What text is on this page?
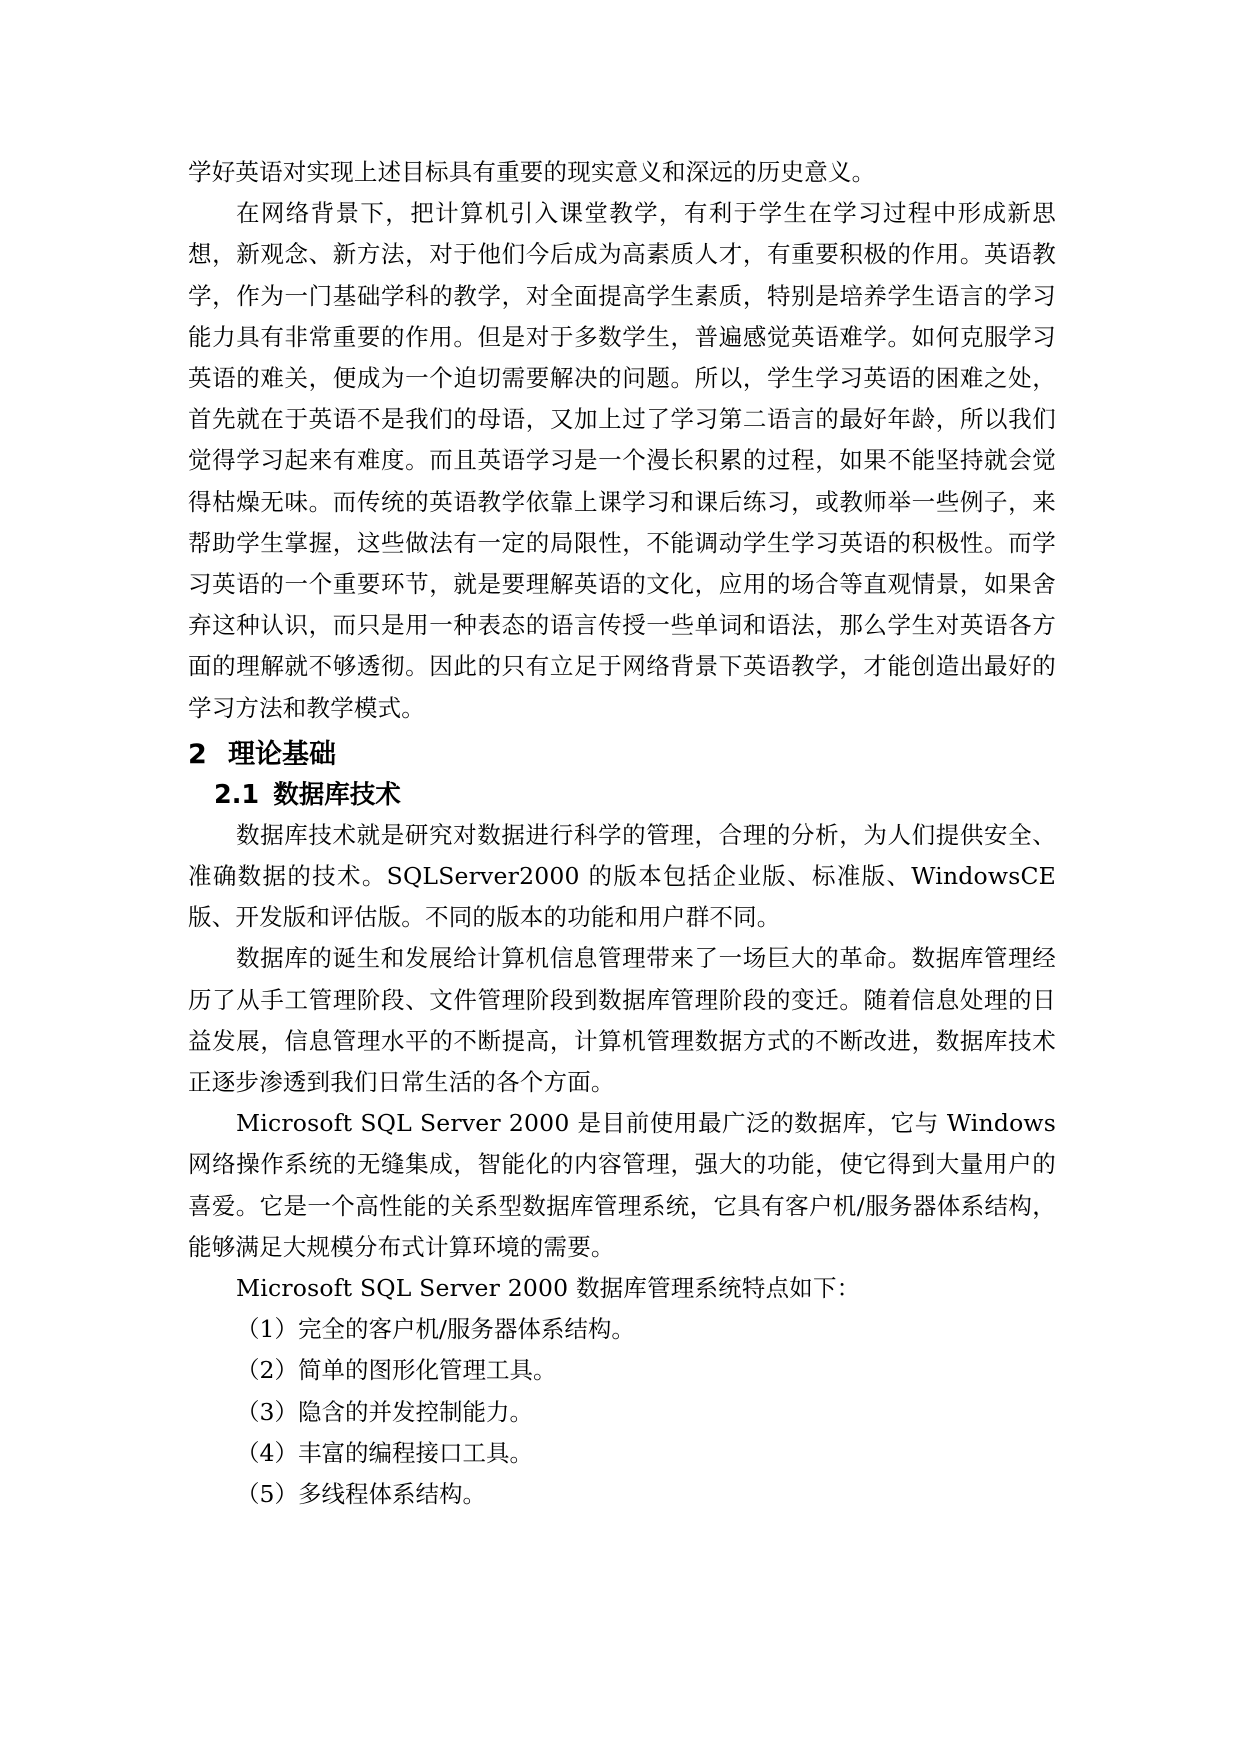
学好英语对实现上述目标具有重要的现实意义和深远的历史意义。

在网络背景下，把计算机引入课堂教学，有利于学生在学习过程中形成新思想，新观念、新方法，对于他们今后成为高素质人才，有重要积极的作用。英语教学，作为一门基础学科的教学，对全面提高学生素质，特别是培养学生语言的学习能力具有非常重要的作用。但是对于多数学生，普遍感觉英语难学。如何克服学习英语的难关，便成为一个迫切需要解决的问题。所以，学生学习英语的困难之处，首先就在于英语不是我们的母语，又加上过了学习第二语言的最好年龄，所以我们觉得学习起来有难度。而且英语学习是一个漫长积累的过程，如果不能坚持就会觉得枯燥无味。而传统的英语教学依靠上课学习和课后练习，或教师举一些例子，来帮助学生掌握，这些做法有一定的局限性，不能调动学生学习英语的积极性。而学习英语的一个重要环节，就是要理解英语的文化，应用的场合等直观情景，如果舍弃这种认识，而只是用一种表态的语言传授一些单词和语法，那么学生对英语各方面的理解就不够透彻。因此的只有立足于网络背景下英语教学，才能创造出最好的学习方法和教学模式。

2 理论基础
2.1 数据库技术

数据库技术就是研究对数据进行科学的管理，合理的分析，为人们提供安全、准确数据的技术。SQLServer2000 的版本包括企业版、标准版、WindowsCE 版、开发版和评估版。不同的版本的功能和用户群不同。

数据库的诞生和发展给计算机信息管理带来了一场巨大的革命。数据库管理经历了从手工管理阶段、文件管理阶段到数据库管理阶段的变迁。随着信息处理的日益发展，信息管理水平的不断提高，计算机管理数据方式的不断改进，数据库技术正逐步渗透到我们日常生活的各个方面。

Microsoft SQL Server 2000 是目前使用最广泛的数据库，它与 Windows 网络操作系统的无缝集成，智能化的内容管理，强大的功能，使它得到大量用户的喜爱。它是一个高性能的关系型数据库管理系统，它具有客户机/服务器体系结构，能够满足大规模分布式计算环境的需要。

Microsoft SQL Server 2000 数据库管理系统特点如下：

（1）完全的客户机/服务器体系结构。

（2）简单的图形化管理工具。

（3）隐含的并发控制能力。

（4）丰富的编程接口工具。

（5）多线程体系结构。
